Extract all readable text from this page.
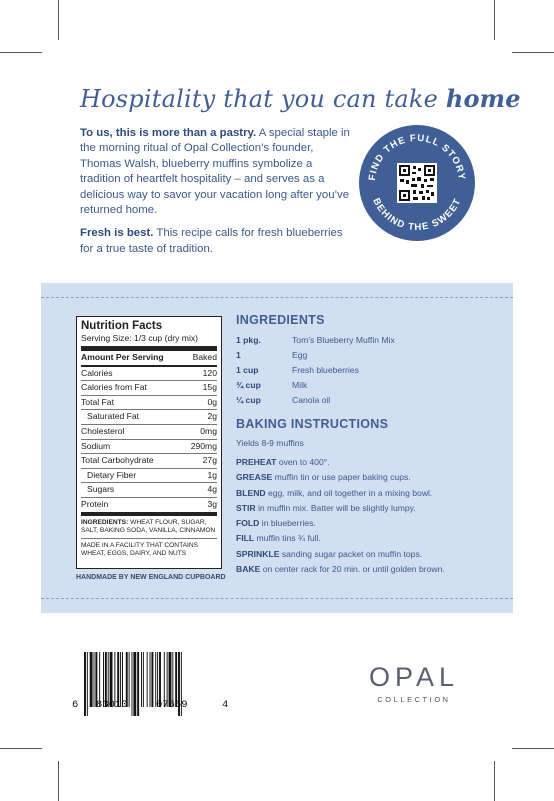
Hospitality that you can take home

To us, this is more than a pastry. A special staple in the morning ritual of Opal Collection’s founder, Thomas Walsh, blueberry muffins symbolize a tradition of heartfelt hospitality – and serves as a delicious way to savor your vacation long after you’ve returned home.

Fresh is best. This recipe calls for fresh blueberries for a true taste of tradition.

FIND THE FULL STORY
BEHIND THE SWEET
Nutrition Facts
Serving Size: 1/3 cup (dry mix)
Amount Per Serving	Baked
Calories	120
Calories from Fat	15g
Total Fat	0g
Saturated Fat	2g
Cholesterol	0mg
Sodium	290mg
Total Carbohydrate	27g
Dietary Fiber	1g
Sugars	4g
Protein	3g
INGREDIENTS: WHEAT FLOUR, SUGAR, SALT, BAKING SODA, VANILLA, CINNAMON
MADE IN A FACILITY THAT CONTAINS WHEAT, EGGS, DAIRY, AND NUTS
HANDMADE BY NEW ENGLAND CUPBOARD
INGREDIENTS
1 pkg.	Tom’s Blueberry Muffin Mix
1	Egg
1 cup	Fresh blueberries
¾ cup	Milk
¼ cup	Canola oil
BAKING INSTRUCTIONS
Yields 8-9 muffins
PREHEAT oven to 400°.
GREASE muffin tin or use paper baking cups.
BLEND egg, milk, and oil together in a mixing bowl.
STIR in muffin mix. Batter will be slightly lumpy.
FOLD in blueberries.
FILL muffin tins ¾ full.
SPRINKLE sanding sugar packet on muffin tops.
BAKE on center rack for 20 min. or until golden brown.
6 83010	07669	4
OPAL
COLLECTION
